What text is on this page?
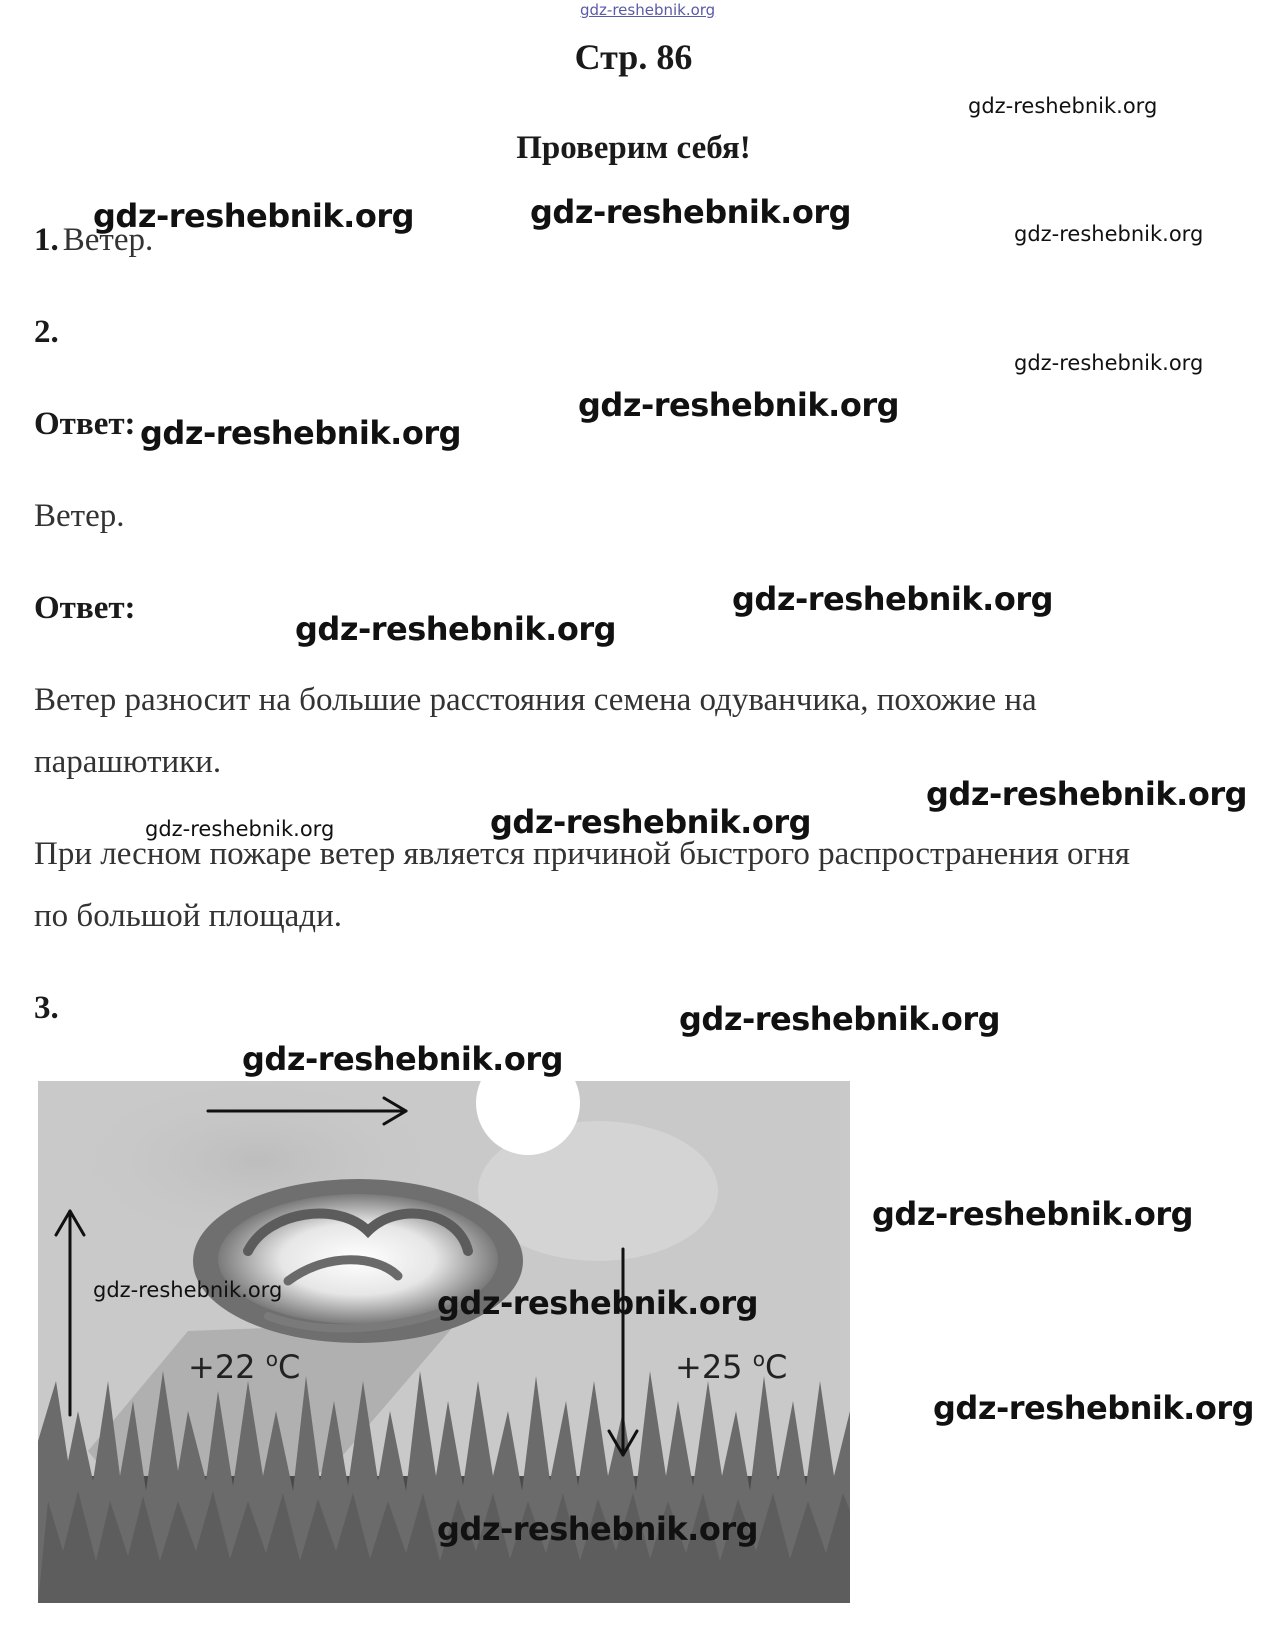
gdz-reshebnik.org
Стр. 86
gdz-reshebnik.org
Проверим себя!
1. Ветер.
gdz-reshebnik.org	gdz-reshebnik.org
gdz-reshebnik.org
2.
gdz-reshebnik.org
Ответ: gdz-reshebnik.org
gdz-reshebnik.org
Ветер.
Ответ:
gdz-reshebnik.org
gdz-reshebnik.org
Ветер разносит на большие расстояния семена одуванчика, похожие на
парашютики.
gdz-reshebnik.org
gdz-reshebnik.org	gdz-reshebnik.org
При лесном пожаре ветер является причиной быстрого распространения огня
по большой площади.
3.	gdz-reshebnik.org
gdz-reshebnik.org
+22 $^o$C	+25 $^o$C
gdz-reshebnik.org
gdz-reshebnik.org	gdz-reshebnik.org
gdz-reshebnik.org
gdz-reshebnik.org
